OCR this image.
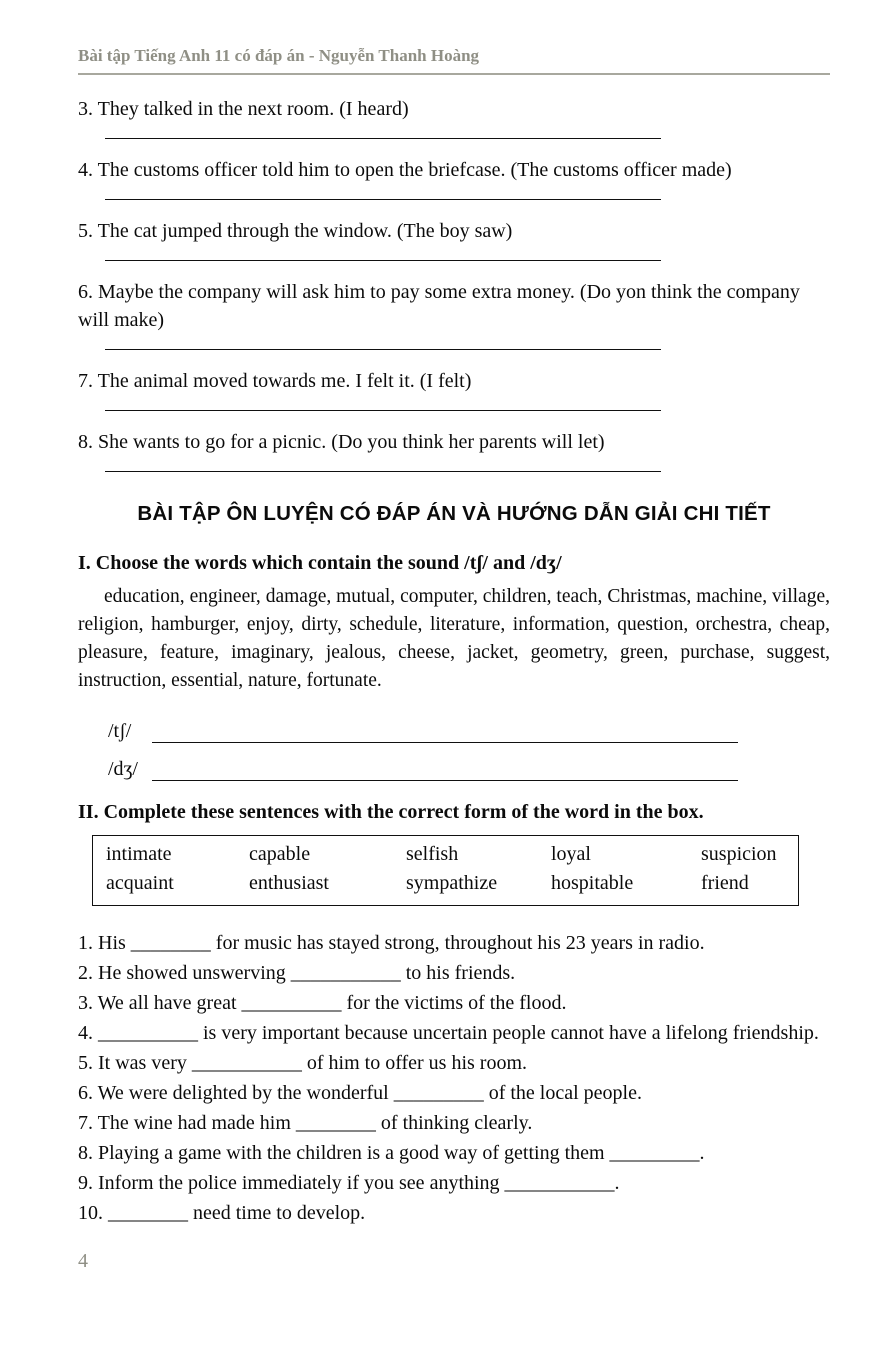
Bài tập Tiếng Anh 11 có đáp án - Nguyễn Thanh Hoàng

3. They talked in the next room. (I heard)

4. The customs officer told him to open the briefcase. (The customs officer made)

5. The cat jumped through the window. (The boy saw)

6. Maybe the company will ask him to pay some extra money. (Do yon think the company will make)

7. The animal moved towards me. I felt it. (I felt)

8. She wants to go for a picnic. (Do you think her parents will let)

BÀI TẬP ÔN LUYỆN CÓ ĐÁP ÁN VÀ HƯỚNG DẪN GIẢI CHI TIẾT

I. Choose the words which contain the sound /tʃ/ and /dʒ/

education, engineer, damage, mutual, computer, children, teach, Christmas, machine, village, religion, hamburger, enjoy, dirty, schedule, literature, information, question, orchestra, cheap, pleasure, feature, imaginary, jealous, cheese, jacket, geometry, green, purchase, suggest, instruction, essential, nature, fortunate.

/tʃ/
/dʒ/

II. Complete these sentences with the correct form of the word in the box.

intimate	capable	selfish	loyal	suspicion
acquaint	enthusiast	sympathize	hospitable	friend

1. His ________ for music has stayed strong, throughout his 23 years in radio.

2. He showed unswerving ___________ to his friends.

3. We all have great __________ for the victims of the flood.

4. __________ is very important because uncertain people cannot have a lifelong friendship.

5. It was very ___________ of him to offer us his room.

6. We were delighted by the wonderful _________ of the local people.

7. The wine had made him ________ of thinking clearly.

8. Playing a game with the children is a good way of getting them _________.

9. Inform the police immediately if you see anything ___________.

10. ________ need time to develop.

4
